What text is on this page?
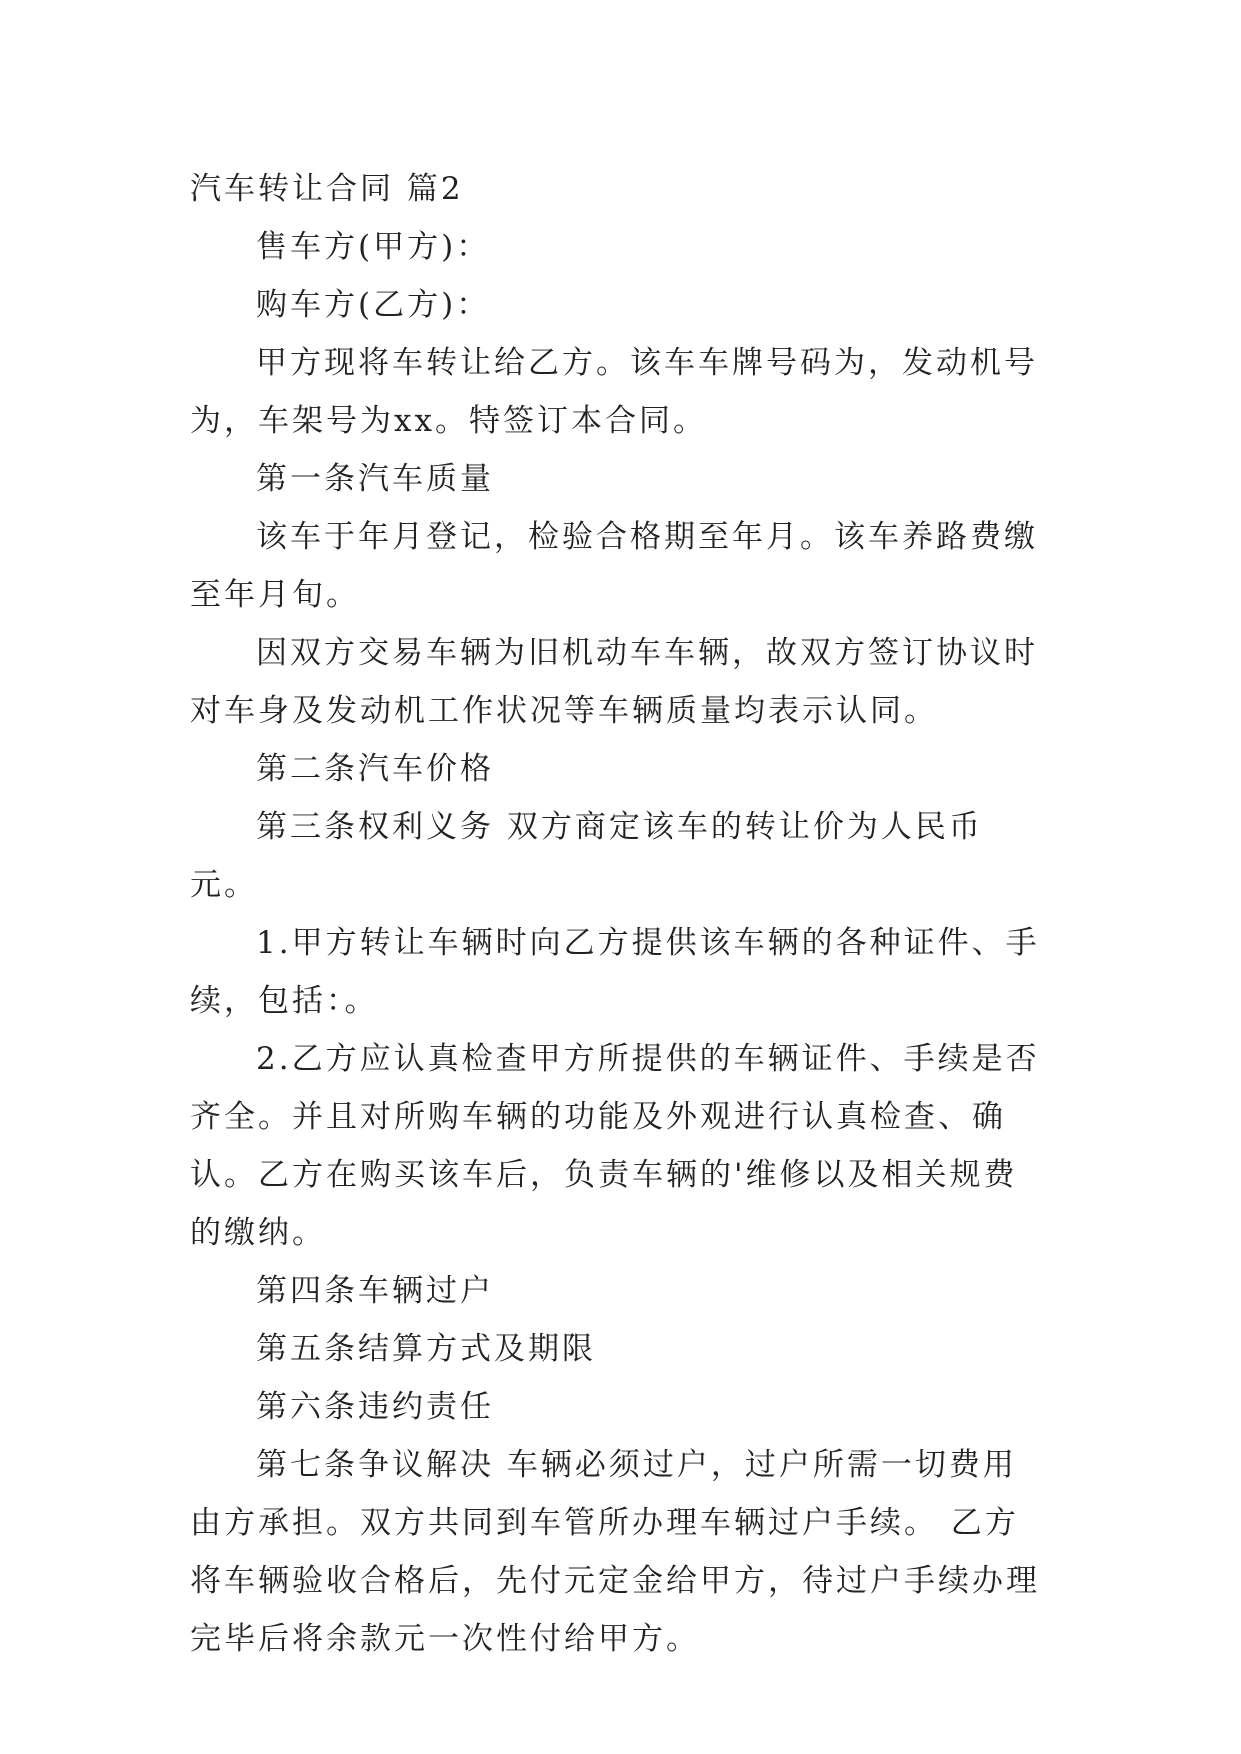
汽车转让合同 篇2

售车方(甲方)：

购车方(乙方)：

甲方现将车转让给乙方。该车车牌号码为，发动机号为，车架号为xx。特签订本合同。

第一条汽车质量

该车于年月登记，检验合格期至年月。该车养路费缴至年月旬。

因双方交易车辆为旧机动车车辆，故双方签订协议时对车身及发动机工作状况等车辆质量均表示认同。

第二条汽车价格

第三条权利义务 双方商定该车的转让价为人民币元。

1.甲方转让车辆时向乙方提供该车辆的各种证件、手续，包括：。

2.乙方应认真检查甲方所提供的车辆证件、手续是否齐全。并且对所购车辆的功能及外观进行认真检查、确认。乙方在购买该车后，负责车辆的'维修以及相关规费的缴纳。

第四条车辆过户

第五条结算方式及期限

第六条违约责任

第七条争议解决 车辆必须过户，过户所需一切费用由方承担。双方共同到车管所办理车辆过户手续。 乙方将车辆验收合格后，先付元定金给甲方，待过户手续办理完毕后将余款元一次性付给甲方。
